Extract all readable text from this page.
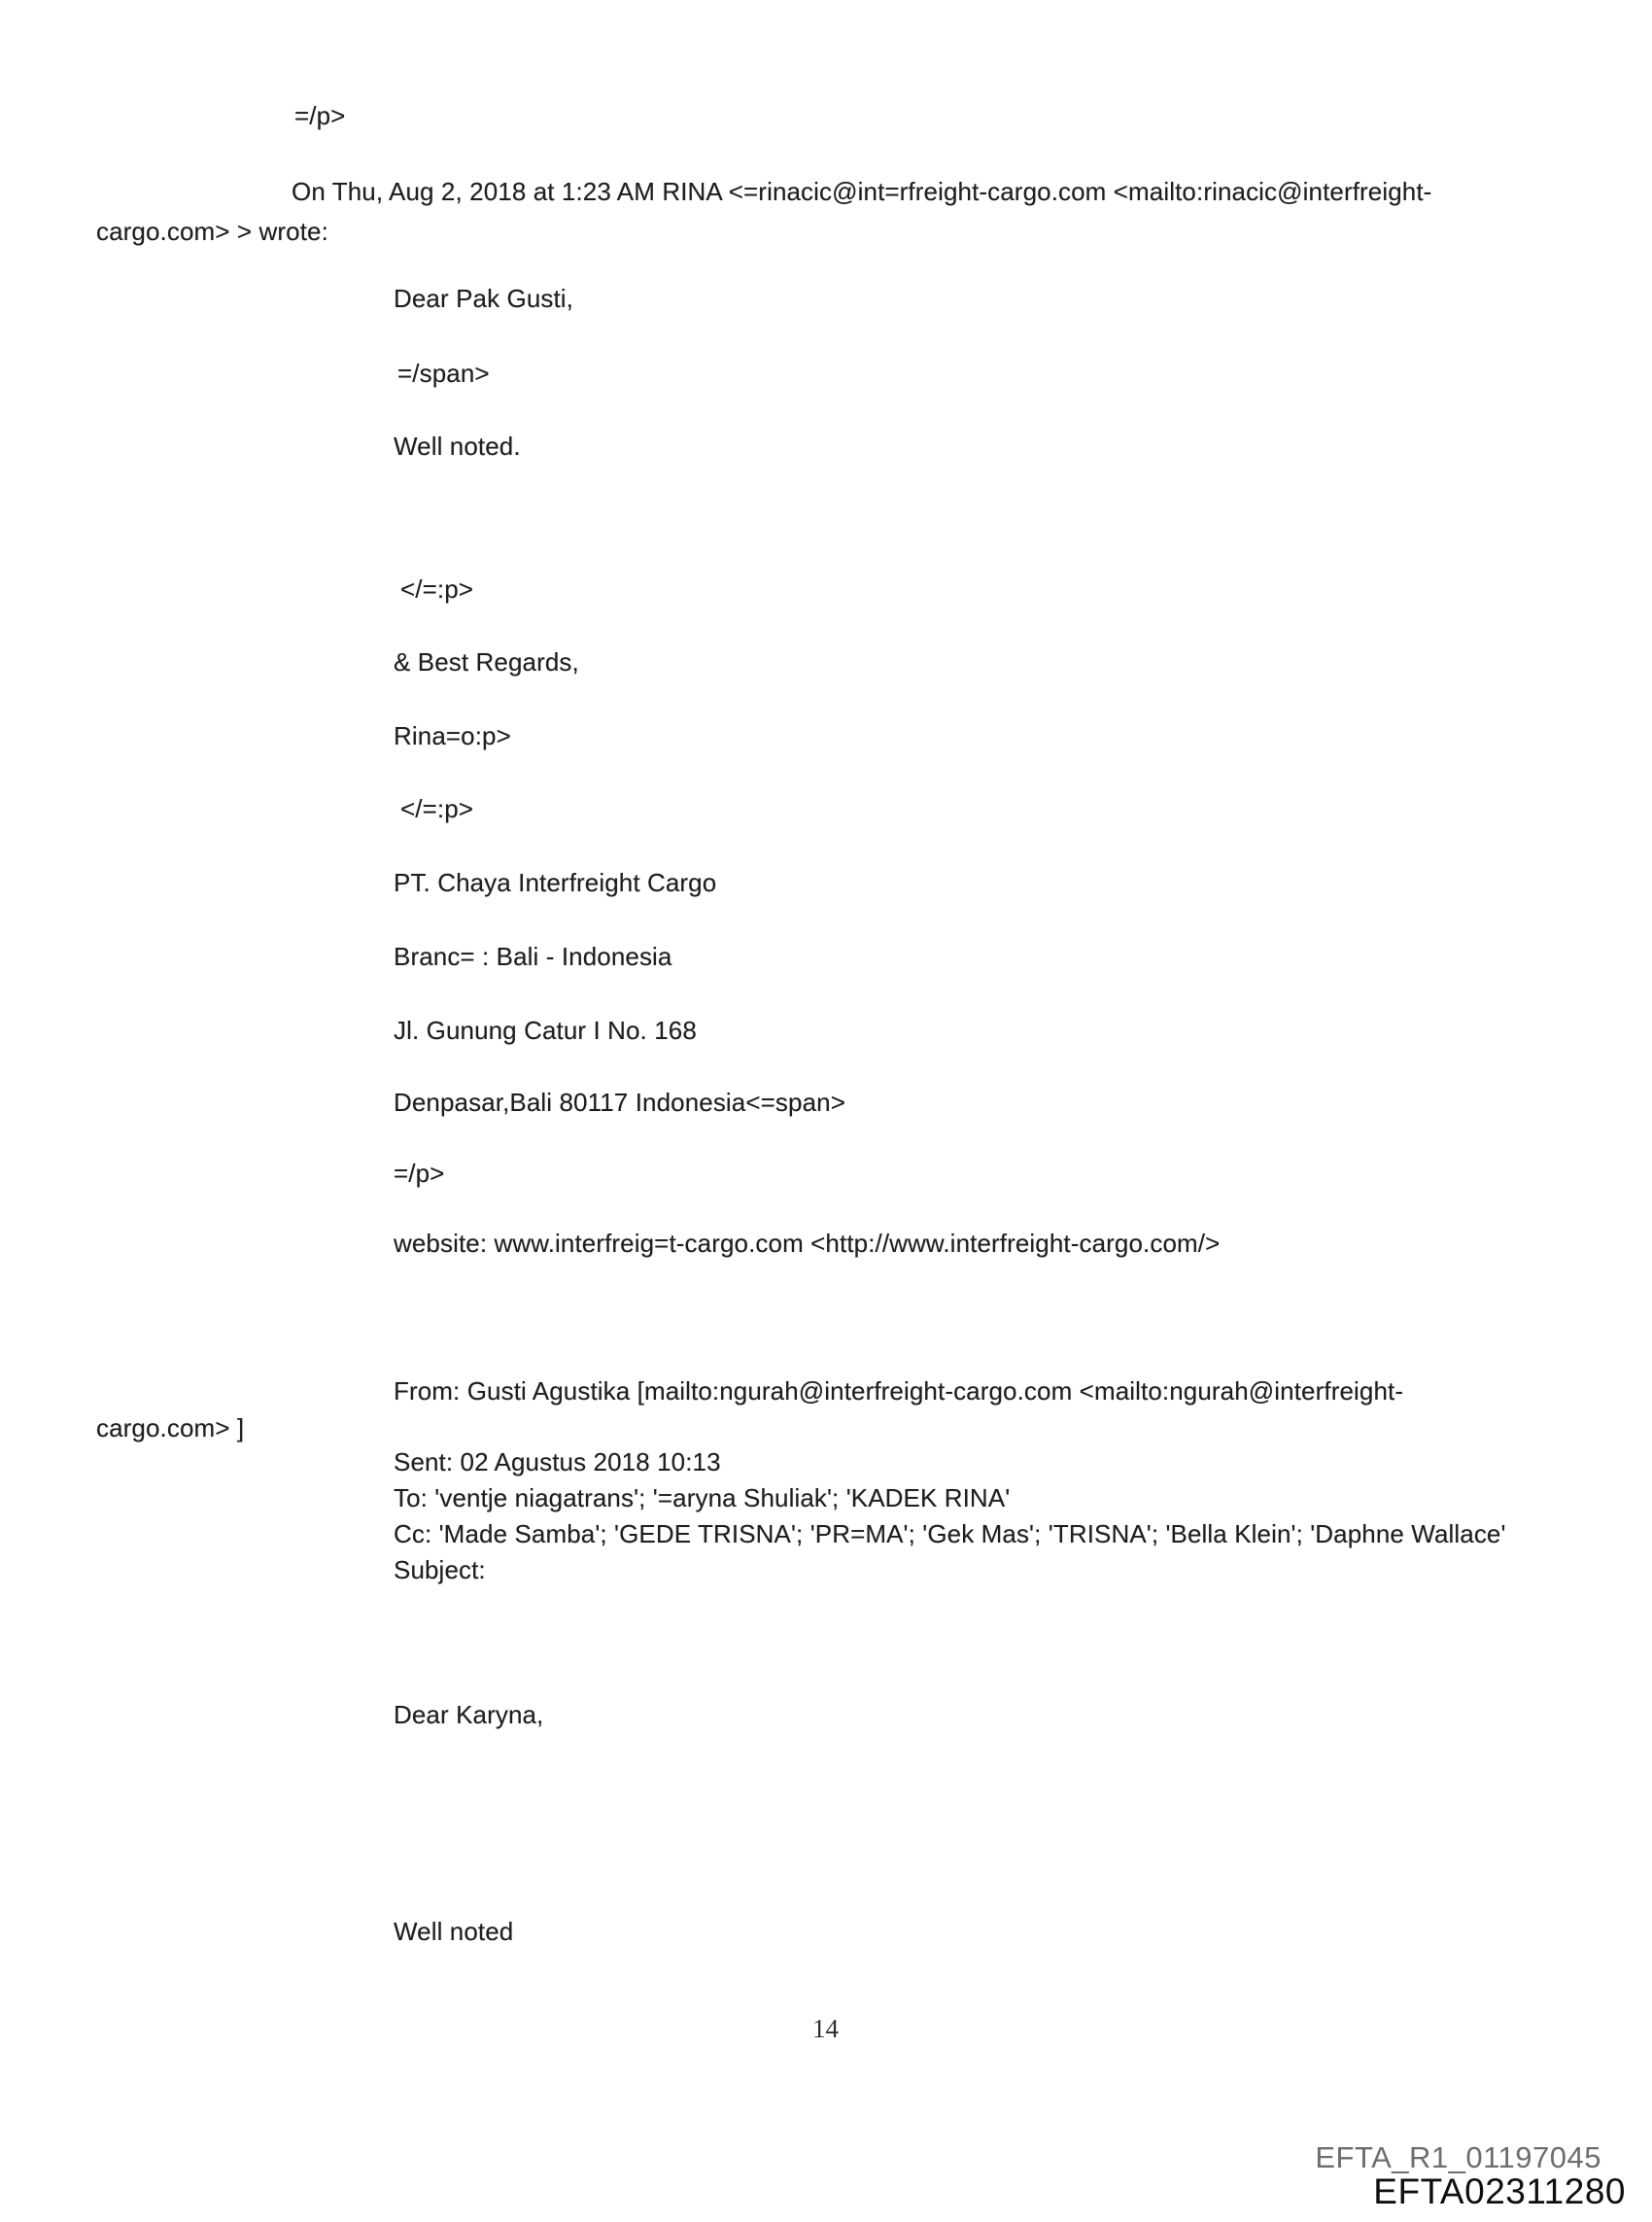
=/p>
On Thu, Aug 2, 2018 at 1:23 AM RINA <=rinacic@int=rfreight-cargo.com <mailto:rinacic@interfreight-
cargo.com> > wrote:
Dear Pak Gusti,
=/span>
Well noted.
</=:p>
& Best Regards,
Rina=o:p>
</=:p>
PT. Chaya Interfreight Cargo
Branc= : Bali - Indonesia
Jl. Gunung Catur I No. 168
Denpasar,Bali 80117 Indonesia<=span>
=/p>
website: www.interfreig=t-cargo.com <http://www.interfreight-cargo.com/>
From: Gusti Agustika [mailto:ngurah@interfreight-cargo.com <mailto:ngurah@interfreight-
cargo.com> ]
Sent: 02 Agustus 2018 10:13
To: 'ventje niagatrans'; '=aryna Shuliak'; 'KADEK RINA'
Cc: 'Made Samba'; 'GEDE TRISNA'; 'PR=MA'; 'Gek Mas'; 'TRISNA'; 'Bella Klein'; 'Daphne Wallace'
Subject:
Dear Karyna,
Well noted
14
EFTA_R1_01197045
EFTA02311280
